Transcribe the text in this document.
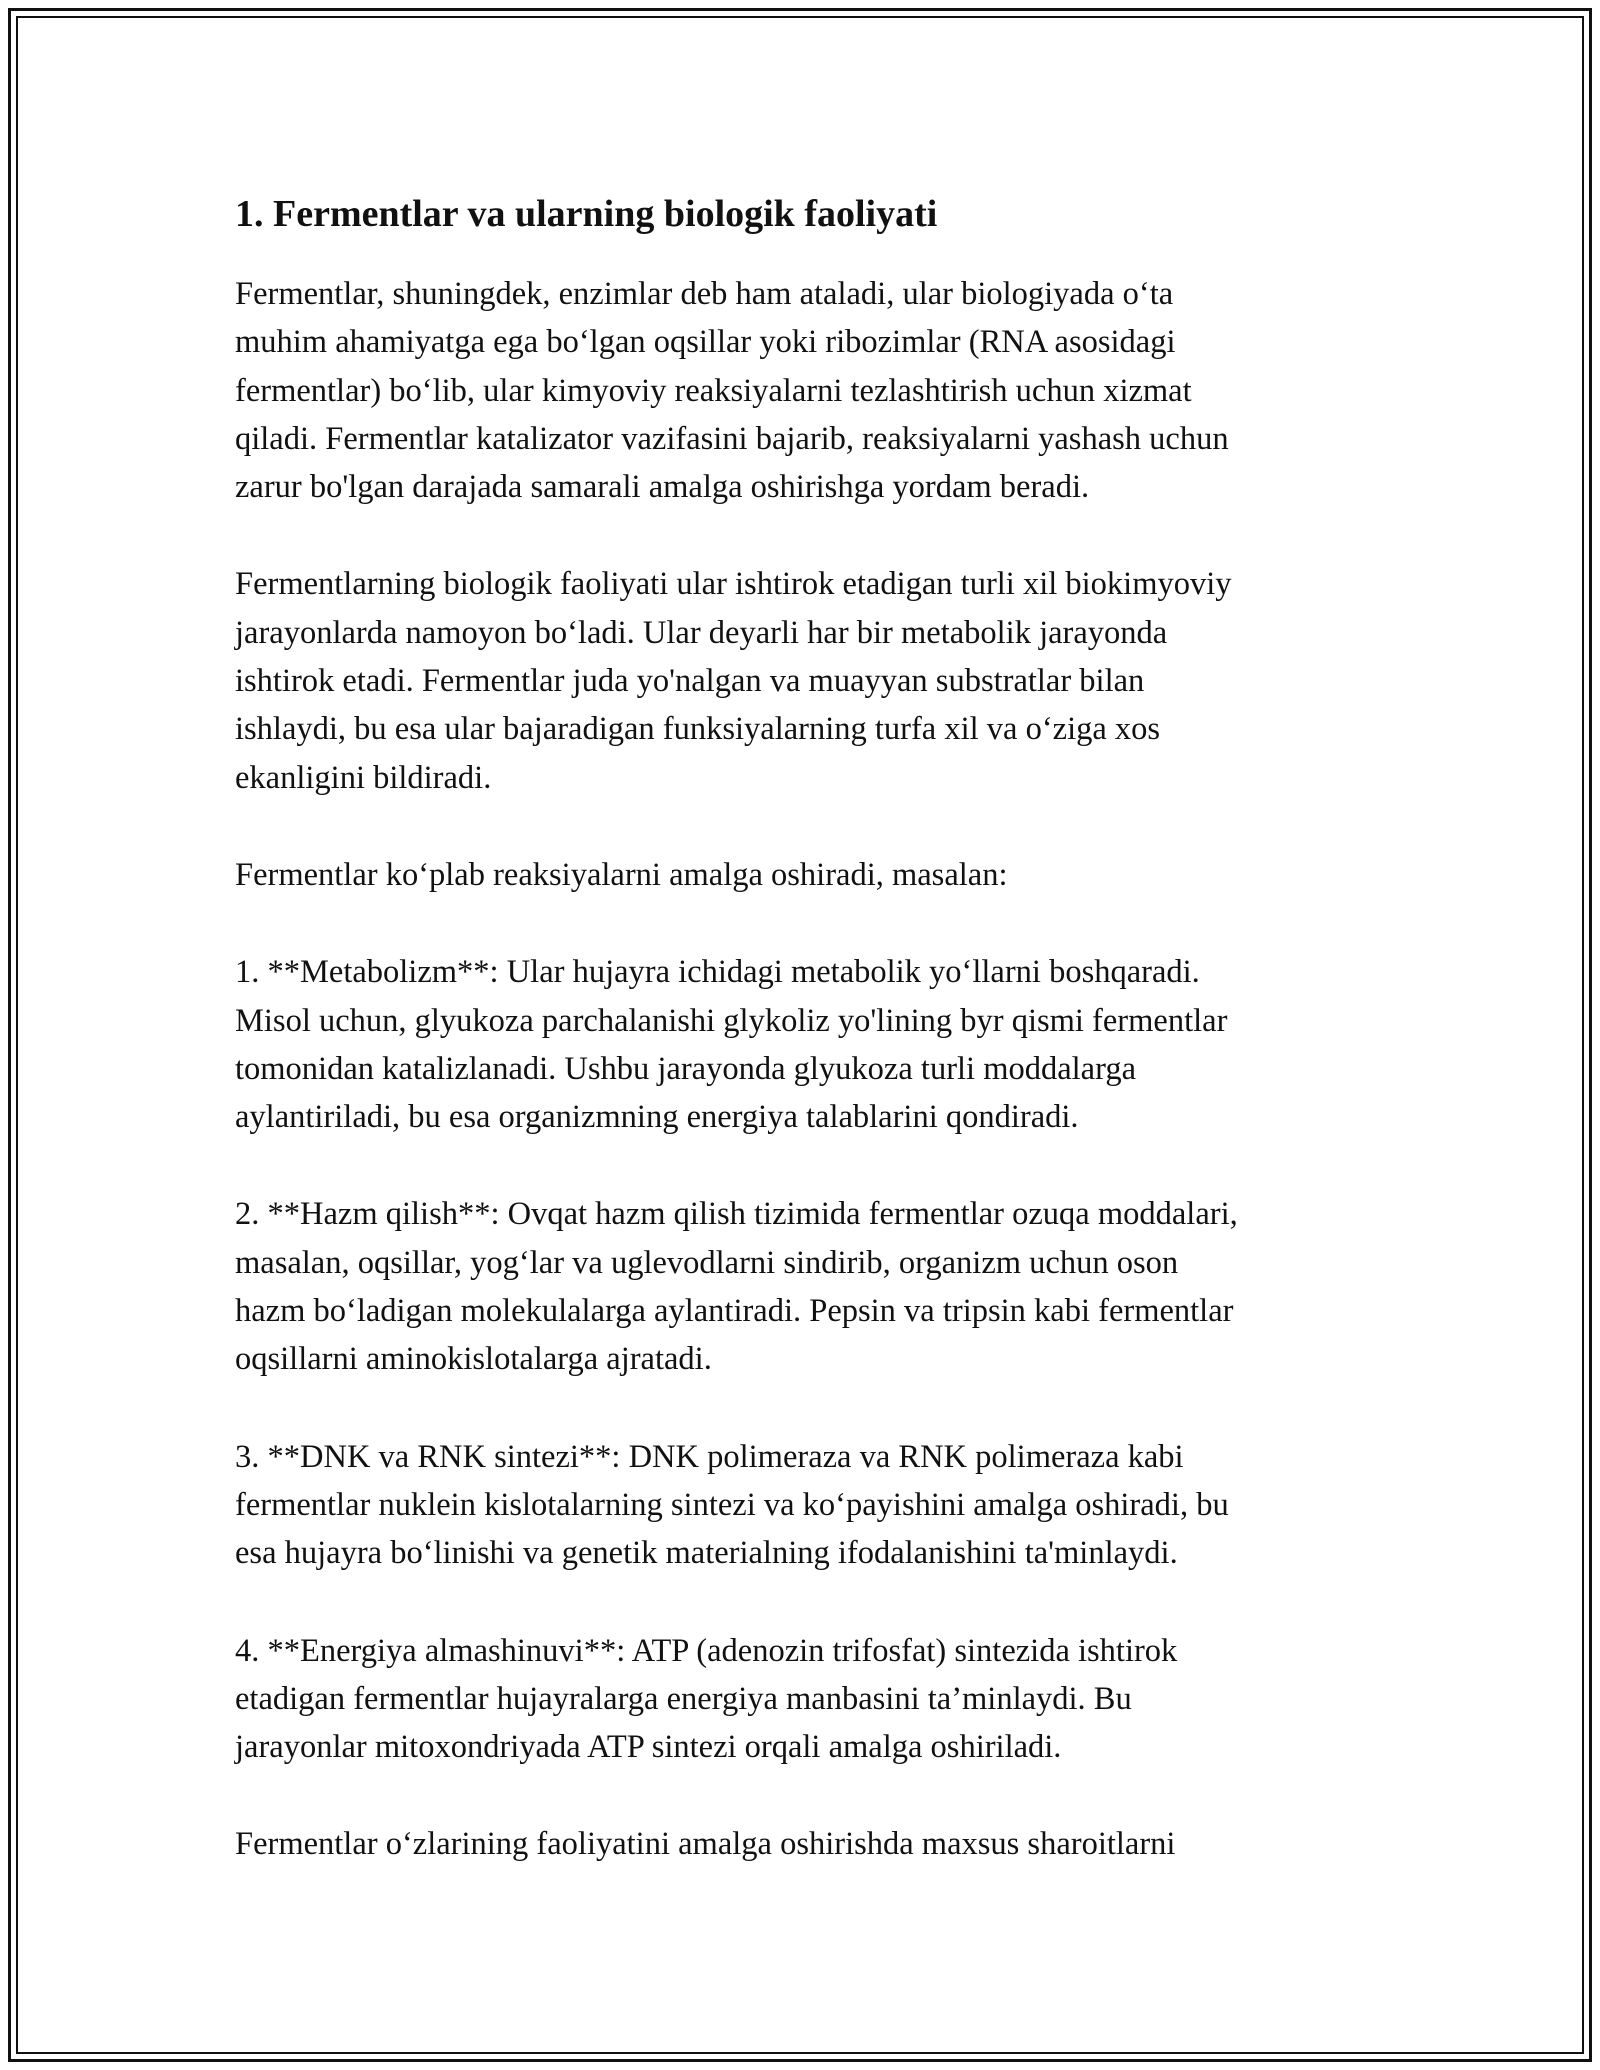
1. Fermentlar va ularning biologik faoliyati

Fermentlar, shuningdek, enzimlar deb ham ataladi, ular biologiyada o‘ta
muhim ahamiyatga ega bo‘lgan oqsillar yoki ribozimlar (RNA asosidagi
fermentlar) bo‘lib, ular kimyoviy reaksiyalarni tezlashtirish uchun xizmat
qiladi. Fermentlar katalizator vazifasini bajarib, reaksiyalarni yashash uchun
zarur bo'lgan darajada samarali amalga oshirishga yordam beradi.

Fermentlarning biologik faoliyati ular ishtirok etadigan turli xil biokimyoviy
jarayonlarda namoyon bo‘ladi. Ular deyarli har bir metabolik jarayonda
ishtirok etadi. Fermentlar juda yo'nalgan va muayyan substratlar bilan
ishlaydi, bu esa ular bajaradigan funksiyalarning turfa xil va o‘ziga xos
ekanligini bildiradi.

Fermentlar ko‘plab reaksiyalarni amalga oshiradi, masalan:

1. **Metabolizm**: Ular hujayra ichidagi metabolik yo‘llarni boshqaradi.
Misol uchun, glyukoza parchalanishi glykoliz yo'lining byr qismi fermentlar
tomonidan katalizlanadi. Ushbu jarayonda glyukoza turli moddalarga
aylantiriladi, bu esa organizmning energiya talablarini qondiradi.

2. **Hazm qilish**: Ovqat hazm qilish tizimida fermentlar ozuqa moddalari,
masalan, oqsillar, yog‘lar va uglevodlarni sindirib, organizm uchun oson
hazm bo‘ladigan molekulalarga aylantiradi. Pepsin va tripsin kabi fermentlar
oqsillarni aminokislotalarga ajratadi.

3. **DNK va RNK sintezi**: DNK polimeraza va RNK polimeraza kabi
fermentlar nuklein kislotalarning sintezi va ko‘payishini amalga oshiradi, bu
esa hujayra bo‘linishi va genetik materialning ifodalanishini ta'minlaydi.

4. **Energiya almashinuvi**: ATP (adenozin trifosfat) sintezida ishtirok
etadigan fermentlar hujayralarga energiya manbasini ta’minlaydi. Bu
jarayonlar mitoxondriyada ATP sintezi orqali amalga oshiriladi.

Fermentlar o‘zlarining faoliyatini amalga oshirishda maxsus sharoitlarni
